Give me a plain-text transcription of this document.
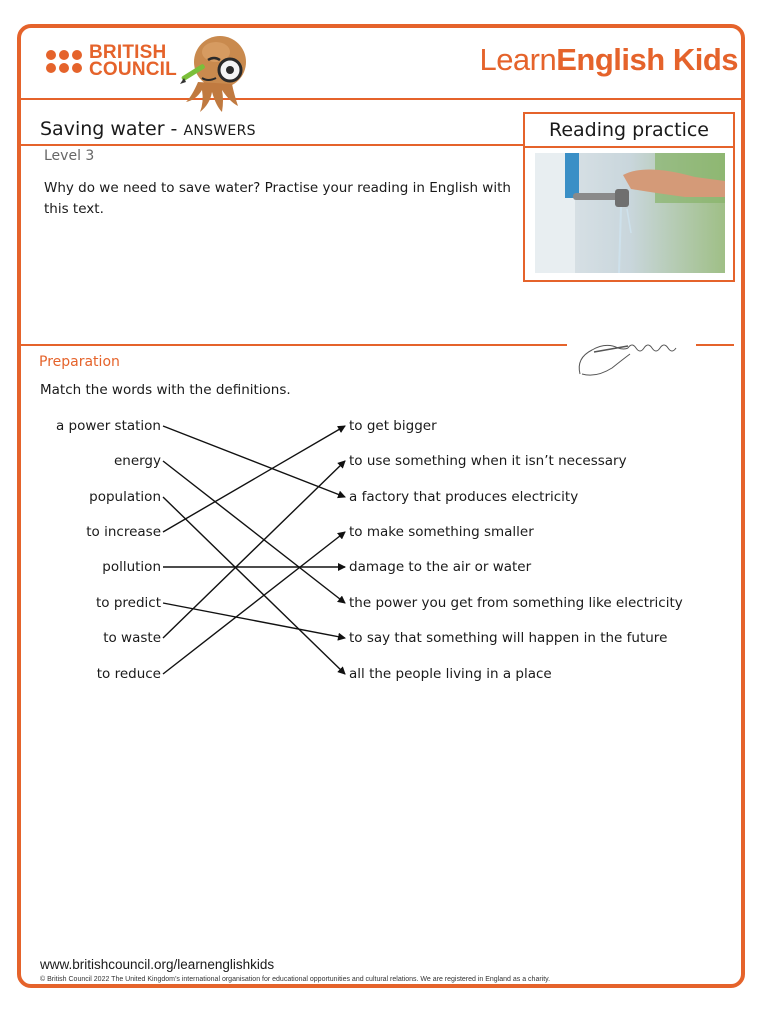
BRITISH
COUNCIL	LearnEnglish Kids
Saving water - ANSWERS	Reading practice
Level 3
Why do we need to save water? Practise your reading in English with this text.
Preparation
Match the words with the definitions.
a power station
energy
population
to increase
pollution
to predict
to waste
to reduce
to get bigger
to use something when it isn’t necessary
a factory that produces electricity
to make something smaller
damage to the air or water
the power you get from something like electricity
to say that something will happen in the future
all the people living in a place
www.britishcouncil.org/learnenglishkids
© British Council 2022 The United Kingdom’s international organisation for educational opportunities and cultural relations. We are registered in England as a charity.
